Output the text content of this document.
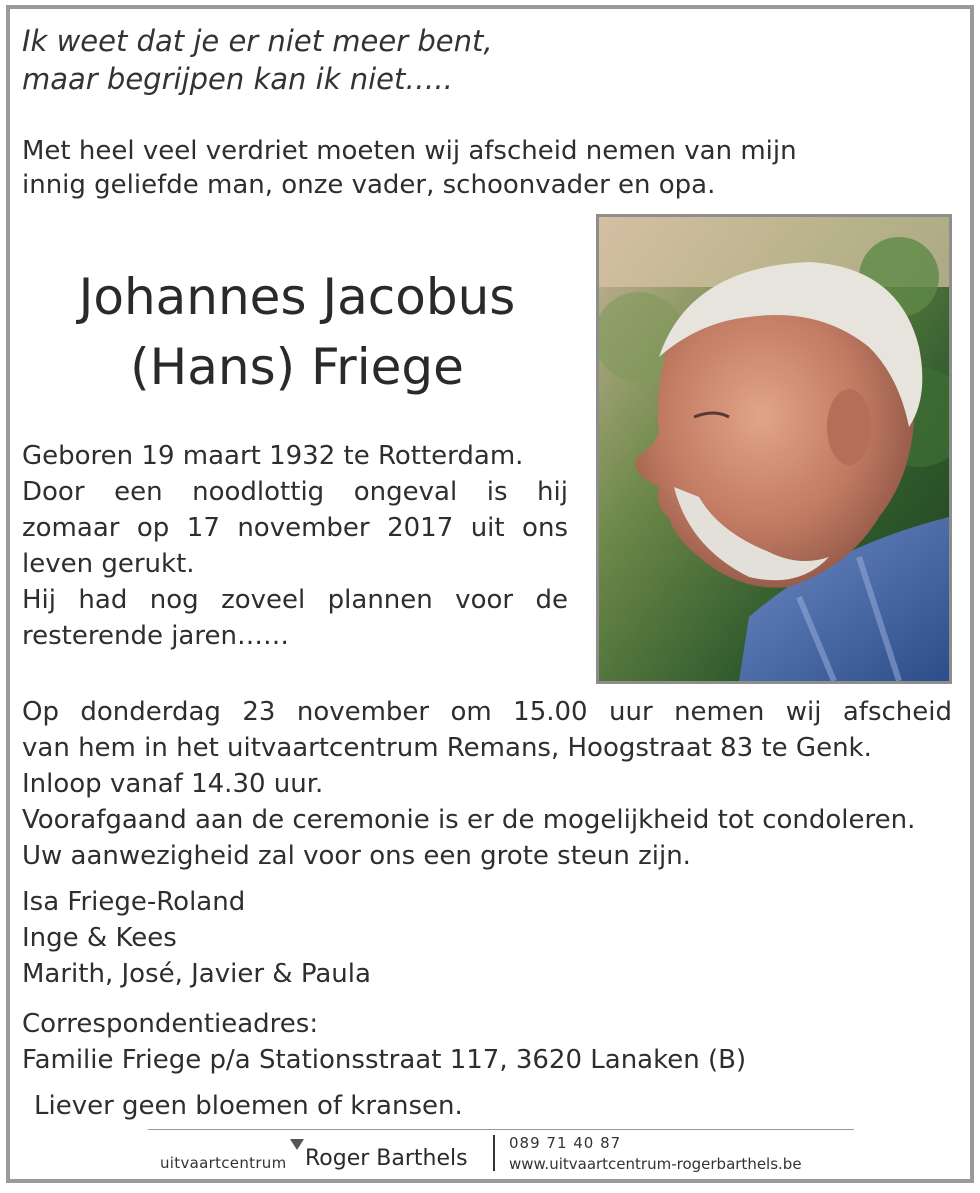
Ik weet dat je er niet meer bent,
maar begrijpen kan ik niet…..

Met heel veel verdriet moeten wij afscheid nemen van mijn
innig geliefde man, onze vader, schoonvader en opa.

Johannes Jacobus
(Hans) Friege

Geboren 19 maart 1932 te Rotterdam.
Door een noodlottig ongeval is hij
zomaar op 17 november 2017 uit ons
leven gerukt.
Hij had nog zoveel plannen voor de
resterende jaren……

Op donderdag 23 november om 15.00 uur nemen wij afscheid
van hem in het uitvaartcentrum Remans, Hoogstraat 83 te Genk.
Inloop vanaf 14.30 uur.
Voorafgaand aan de ceremonie is er de mogelijkheid tot condoleren.
Uw aanwezigheid zal voor ons een grote steun zijn.

Isa Friege-Roland
Inge & Kees
Marith, José, Javier & Paula

Correspondentieadres:
Familie Friege p/a Stationsstraat 117, 3620 Lanaken (B)

Liever geen bloemen of kransen.

uitvaartcentrum Roger Barthels
089 71 40 87
www.uitvaartcentrum-rogerbarthels.be
